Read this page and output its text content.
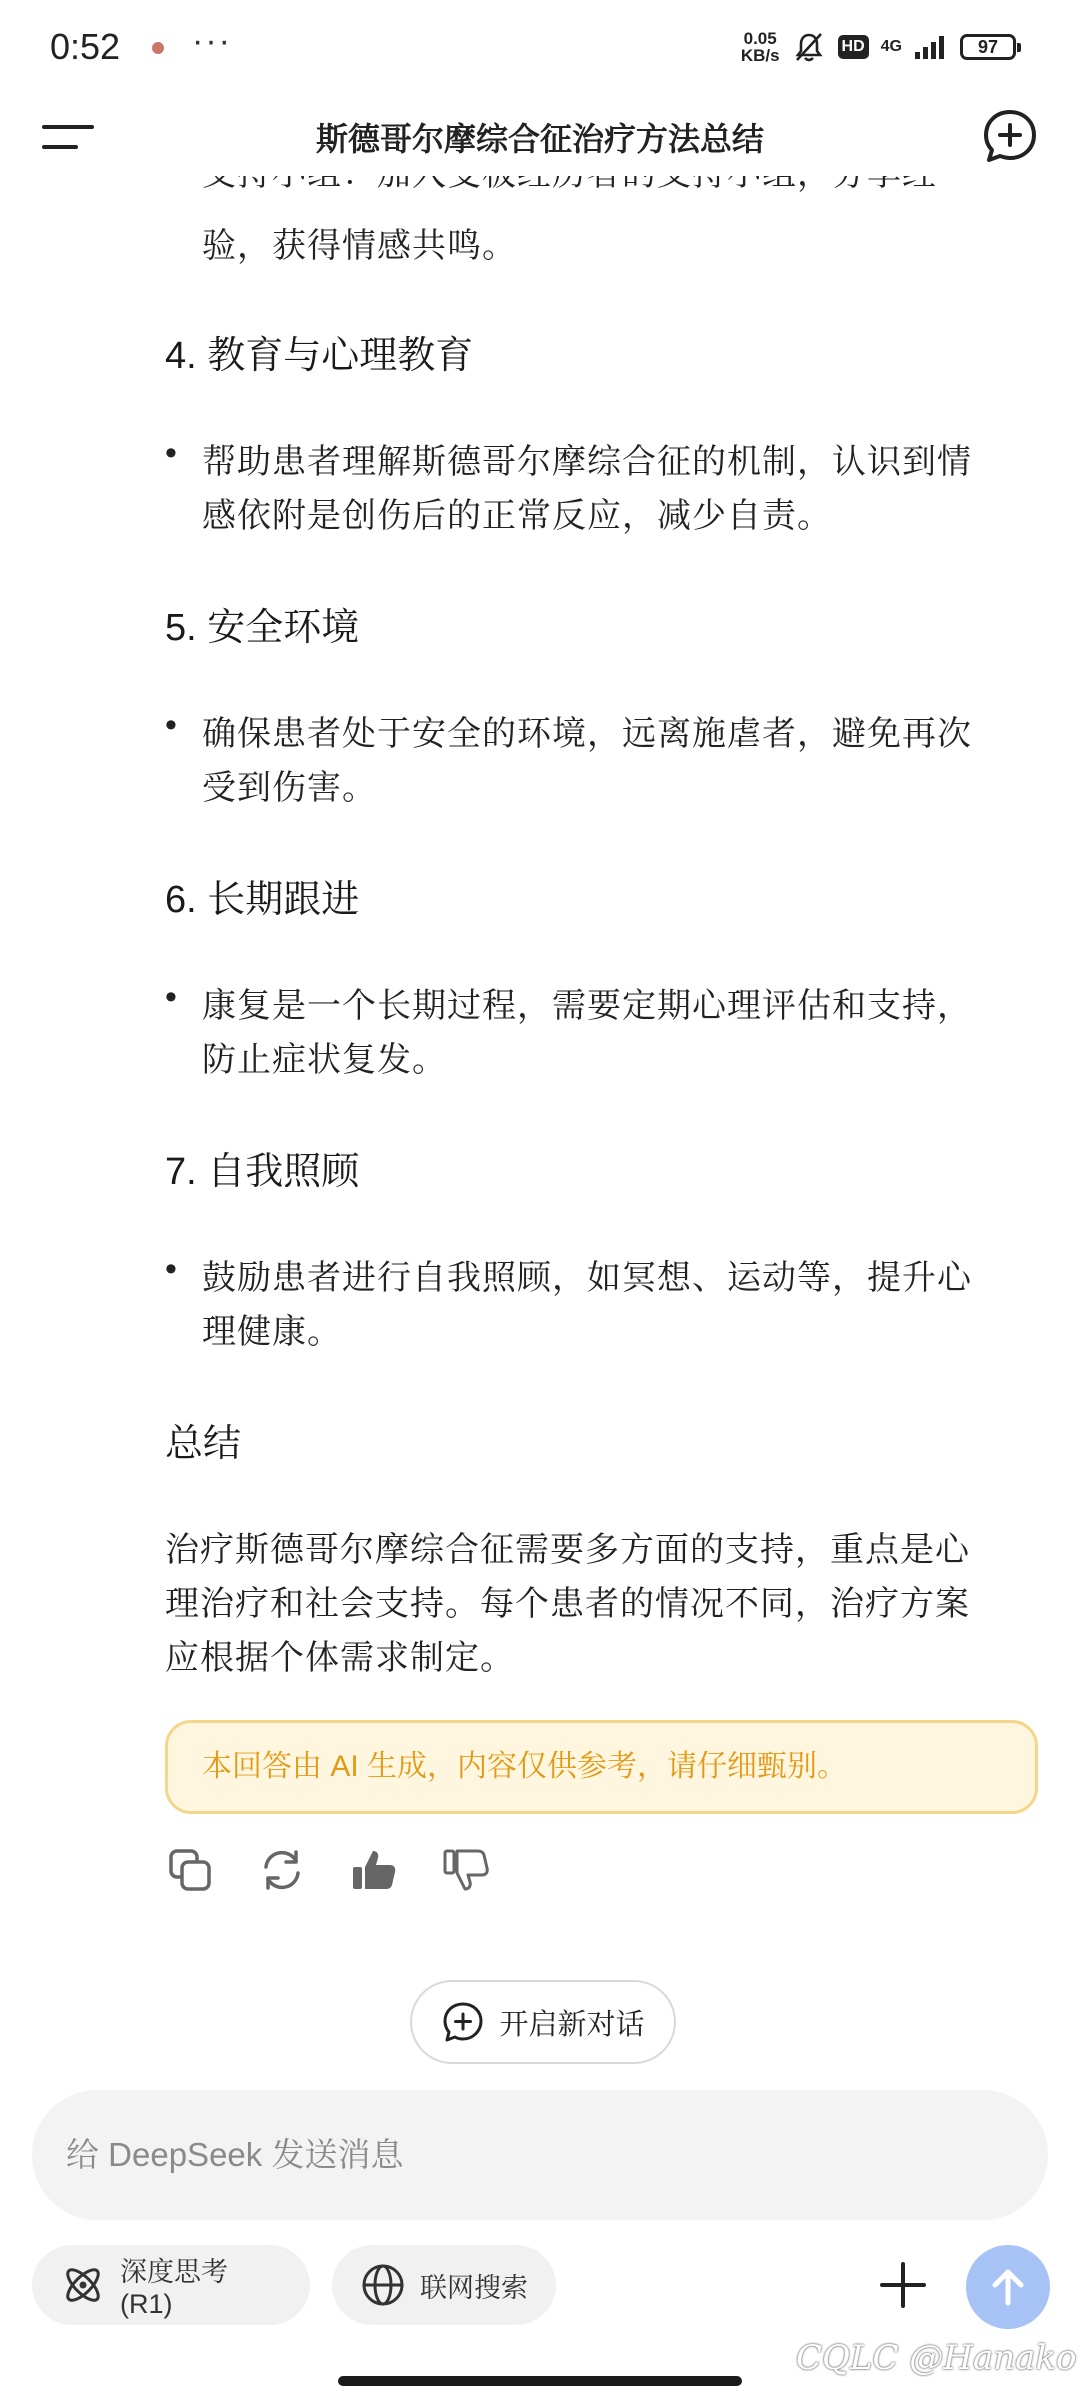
0:52 ···	0.05
KB/s	HD 4G	97
斯德哥尔摩综合征治疗方法总结
验，获得情感共鸣。
4. 教育与心理教育
• 帮助患者理解斯德哥尔摩综合征的机制，认识到情
感依附是创伤后的正常反应，减少自责。
5. 安全环境
• 确保患者处于安全的环境，远离施虐者，避免再次
受到伤害。
6. 长期跟进
• 康复是一个长期过程，需要定期心理评估和支持，
防止症状复发。
7. 自我照顾
• 鼓励患者进行自我照顾，如冥想、运动等，提升心
理健康。
总结
治疗斯德哥尔摩综合征需要多方面的支持，重点是心
理治疗和社会支持。每个患者的情况不同，治疗方案
应根据个体需求制定。
本回答由 AI 生成，内容仅供参考，请仔细甄别。
开启新对话
给 DeepSeek 发送消息
深度思考 (R1)
联网搜索
CQLC @Hanako
